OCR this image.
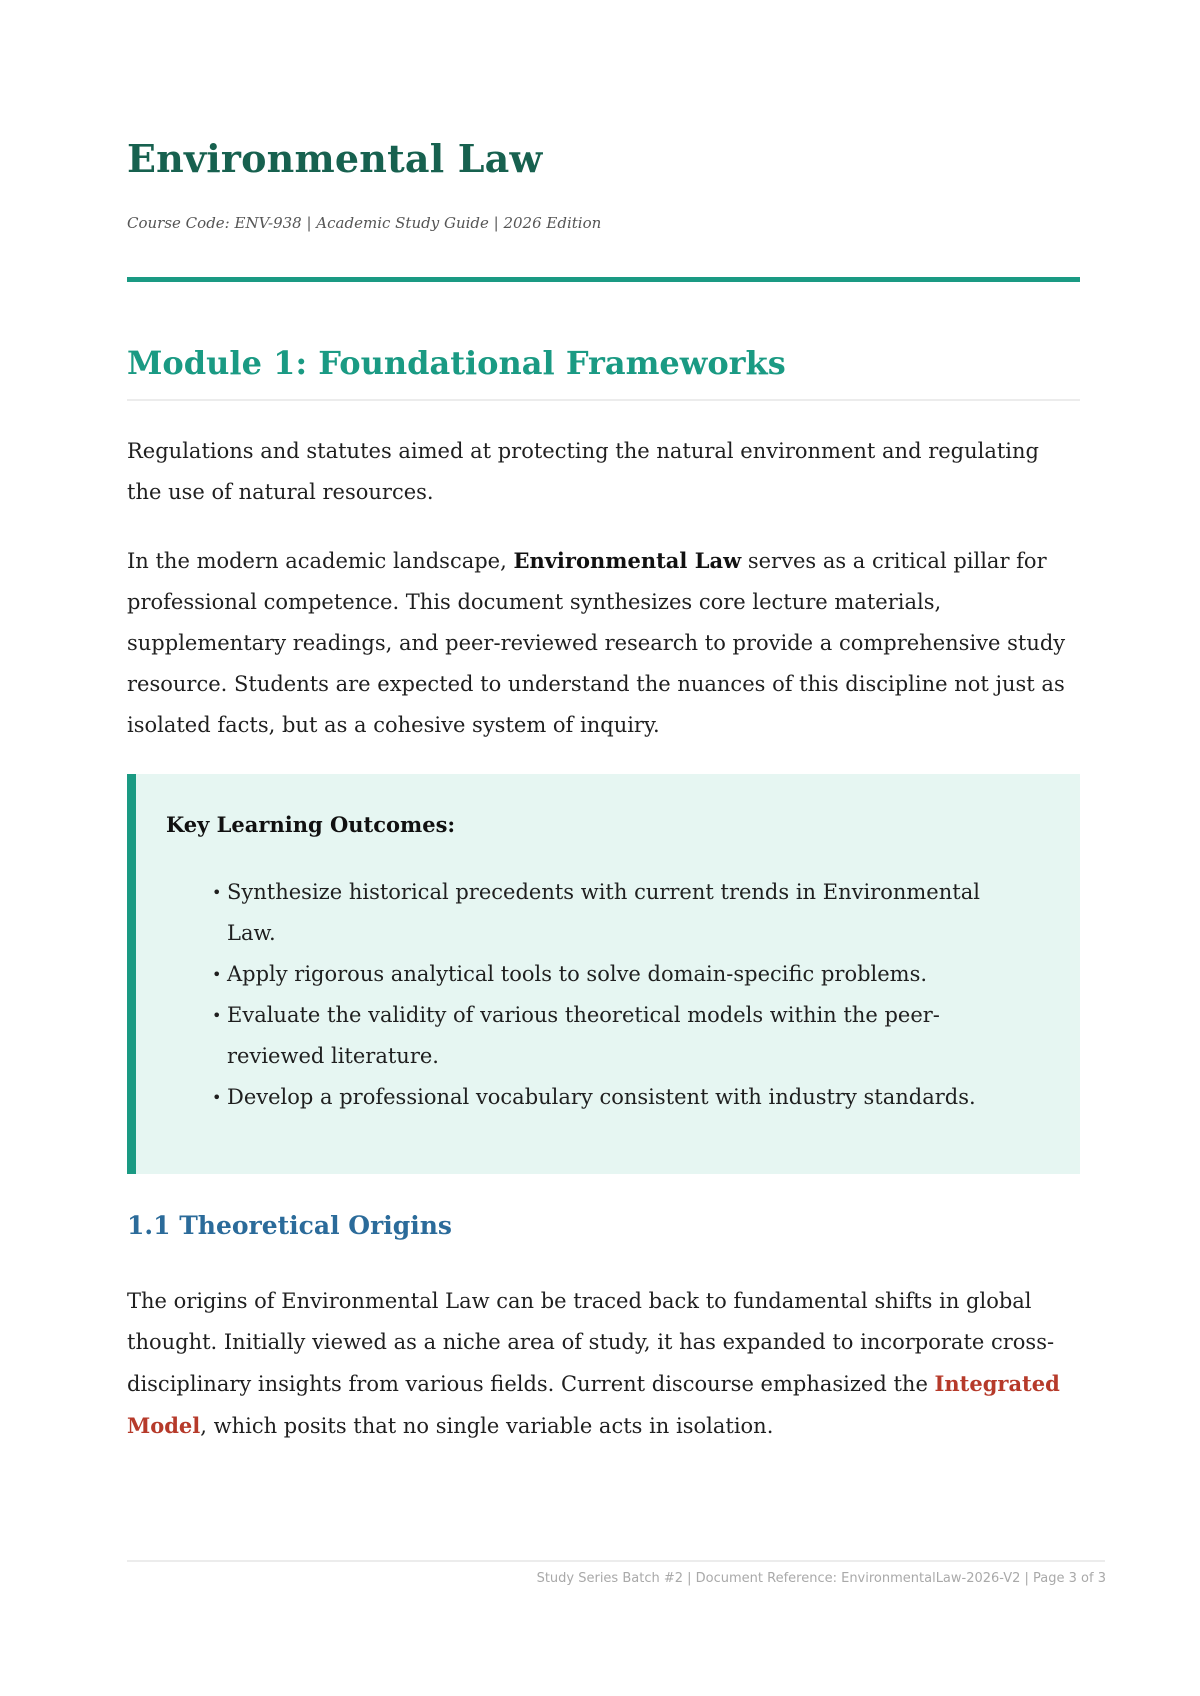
Environmental Law
Course Code: ENV-938 | Academic Study Guide | 2026 Edition
Module 1: Foundational Frameworks

Regulations and statutes aimed at protecting the natural environment and regulating the use of natural resources.

In the modern academic landscape, Environmental Law serves as a critical pillar for professional competence. This document synthesizes core lecture materials, supplementary readings, and peer-reviewed research to provide a comprehensive study resource. Students are expected to understand the nuances of this discipline not just as isolated facts, but as a cohesive system of inquiry.

Key Learning Outcomes:
• Synthesize historical precedents with current trends in Environmental Law.
• Apply rigorous analytical tools to solve domain-specific problems.
• Evaluate the validity of various theoretical models within the peer-reviewed literature.
• Develop a professional vocabulary consistent with industry standards.
1.1 Theoretical Origins

The origins of Environmental Law can be traced back to fundamental shifts in global thought. Initially viewed as a niche area of study, it has expanded to incorporate cross-disciplinary insights from various fields. Current discourse emphasized the Integrated Model, which posits that no single variable acts in isolation.

Study Series Batch #2 | Document Reference: EnvironmentalLaw-2026-V2 | Page 3 of 3
